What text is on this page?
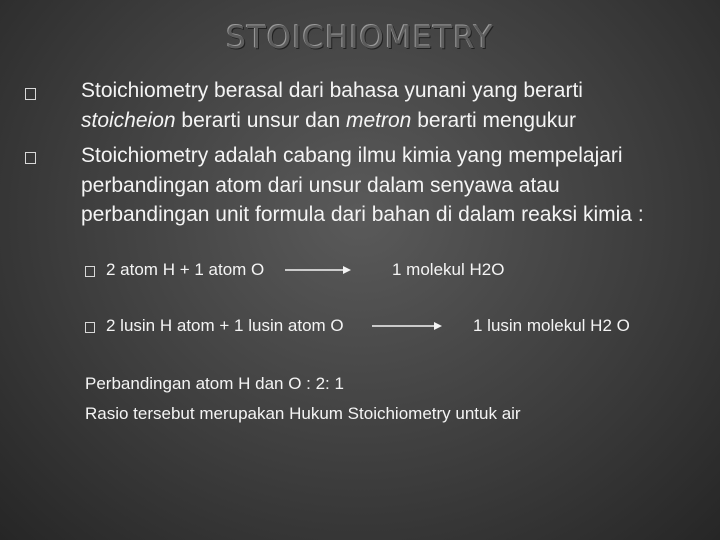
STOICHIOMETRY
Stoichiometry berasal dari bahasa yunani yang berarti stoicheion berarti unsur dan metron berarti mengukur
Stoichiometry adalah cabang ilmu kimia yang mempelajari perbandingan atom dari unsur dalam senyawa atau perbandingan unit formula dari bahan di dalam reaksi kimia :
2 atom H + 1 atom O	1 molekul H2O
2 lusin H atom + 1 lusin atom O	1 lusin molekul H2 O
Perbandingan atom H dan O : 2: 1
Rasio tersebut merupakan Hukum Stoichiometry untuk air
